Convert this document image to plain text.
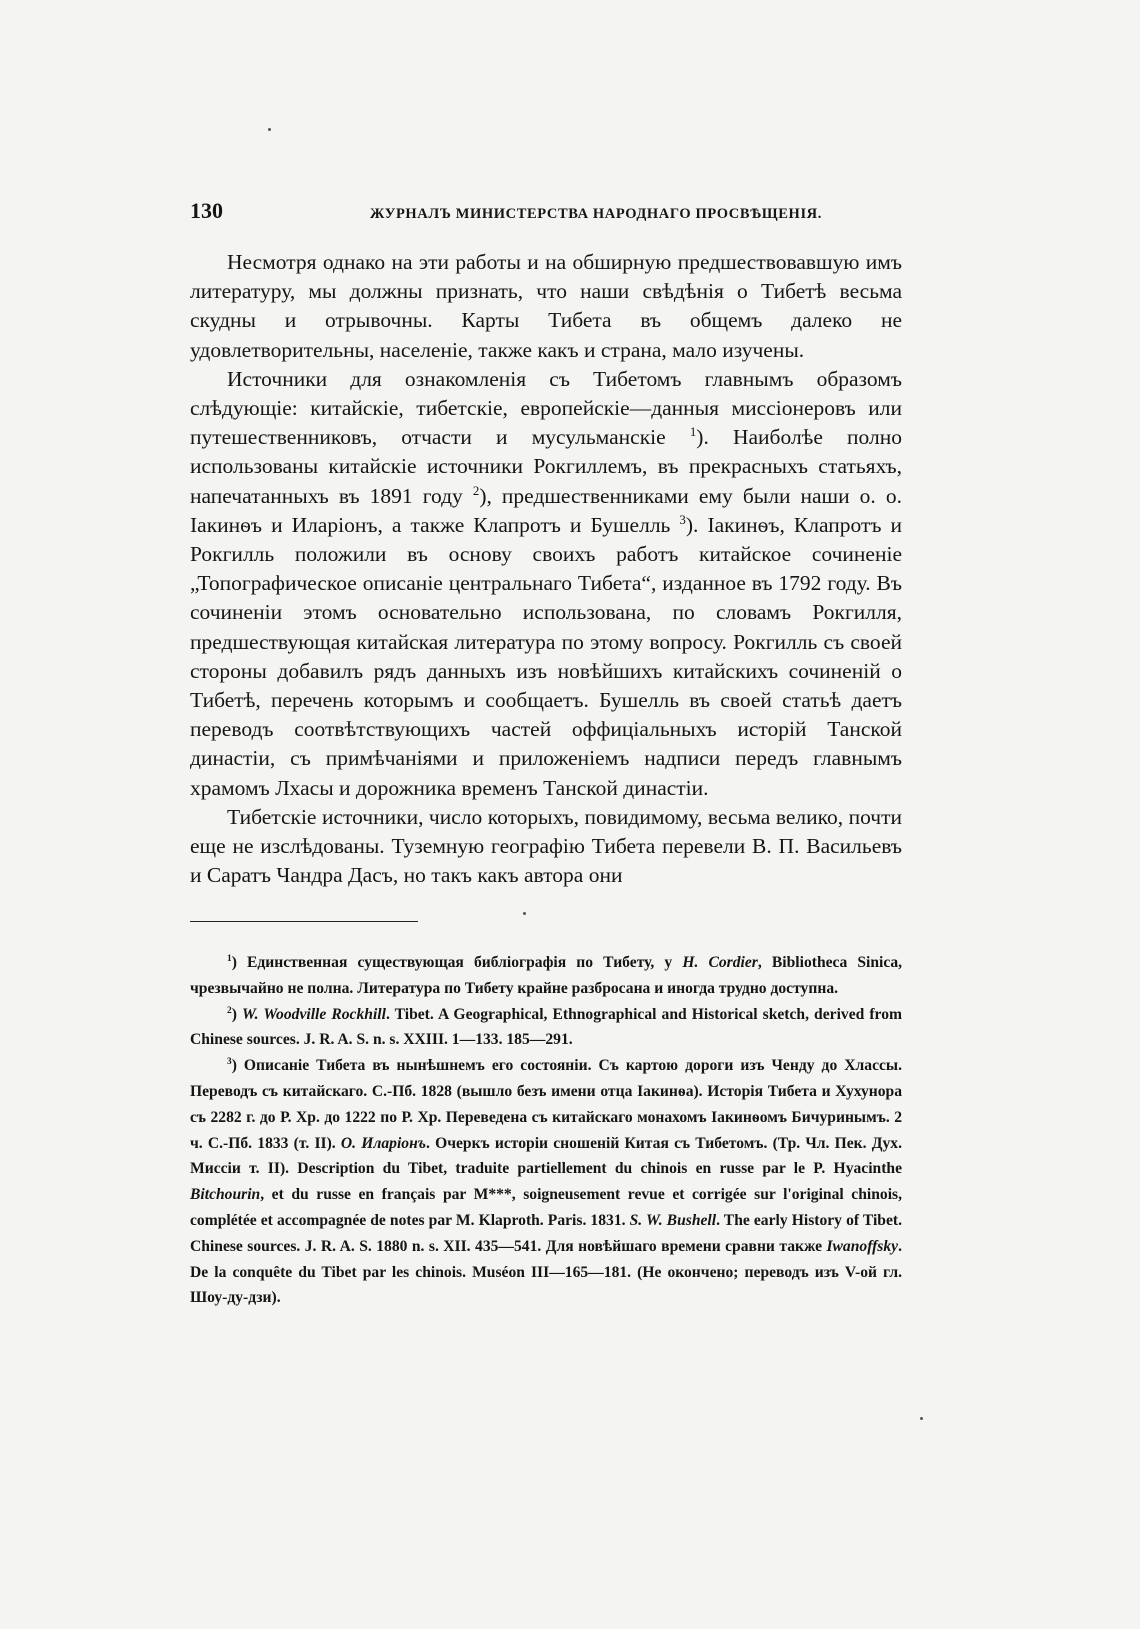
130	ЖУРНАЛЪ МИНИСТЕРСТВА НАРОДНАГО ПРОСВѢЩЕНІЯ.

Несмотря однако на эти работы и на обширную предшествовавшую имъ литературу, мы должны признать, что наши свѣдѣнія о Тибетѣ весьма скудны и отрывочны. Карты Тибета въ общемъ далеко не удовлетворительны, населеніе, также какъ и страна, мало изучены.

Источники для ознакомленія съ Тибетомъ главнымъ образомъ слѣдующіе: китайскіе, тибетскіе, европейскіе—данныя миссіонеровъ или путешественниковъ, отчасти и мусульманскіе $^1$). Наиболѣе полно использованы китайскіе источники Рокгиллемъ, въ прекрасныхъ статьяхъ, напечатанныхъ въ 1891 году $^2$), предшественниками ему были наши о. о. Іакинѳъ и Иларіонъ, а также Клапротъ и Бушелль $^3$). Іакинѳъ, Клапротъ и Рокгилль положили въ основу своихъ работъ китайское сочиненіе „Топографическое описаніе центральнаго Тибета“, изданное въ 1792 году. Въ сочиненіи этомъ основательно использована, по словамъ Рокгилля, предшествующая китайская литература по этому вопросу. Рокгилль съ своей стороны добавилъ рядъ данныхъ изъ новѣйшихъ китайскихъ сочиненій о Тибетѣ, перечень которымъ и сообщаетъ. Бушелль въ своей статьѣ даетъ переводъ соотвѣтствующихъ частей оффиціальныхъ исторій Танской династіи, съ примѣчаніями и приложеніемъ надписи передъ главнымъ храмомъ Лхасы и дорожника временъ Танской династіи.

Тибетскіе источники, число которыхъ, повидимому, весьма велико, почти еще не изслѣдованы. Туземную географію Тибета перевели В. П. Васильевъ и Саратъ Чандра Дасъ, но такъ какъ автора они

$^1$) Единственная существующая библіографія по Тибету, у H. Cordier, Bibliotheca Sinica, чрезвычайно не полна. Литература по Тибету крайне разбросана и иногда трудно доступна.

$^2$) W. Woodville Rockhill. Tibet. A Geographical, Ethnographical and Historical sketch, derived from Chinese sources. J. R. A. S. n. s. XXIII. 1—133. 185—291.

$^3$) Описаніе Тибета въ нынѣшнемъ его состояніи. Съ картою дороги изъ Ченду до Хлассы. Переводъ съ китайскаго. С.-Пб. 1828 (вышло безъ имени отца Іакинѳа). Исторія Тибета и Хухунора съ 2282 г. до Р. Хр. до 1222 по Р. Хр. Переведена съ китайскаго монахомъ Іакинѳомъ Бичуринымъ. 2 ч. С.-Пб. 1833 (т. II). О. Иларіонъ. Очеркъ исторіи сношеній Китая съ Тибетомъ. (Тр. Чл. Пек. Дух. Миссіи т. II). Description du Tibet, traduite partiellement du chinois en russe par le P. Hyacinthe Bitchourin, et du russe en français par M***, soigneusement revue et corrigée sur l'original chinois, complétée et accompagnée de notes par M. Klaproth. Paris. 1831. S. W. Bushell. The early History of Tibet. Chinese sources. J. R. A. S. 1880 n. s. XII. 435—541. Для новѣйшаго времени сравни также Iwanoffsky. De la conquête du Tibet par les chinois. Muséon III—165—181. (Не окончено; переводъ изъ V-ой гл. Шоу-ду-дзи).
